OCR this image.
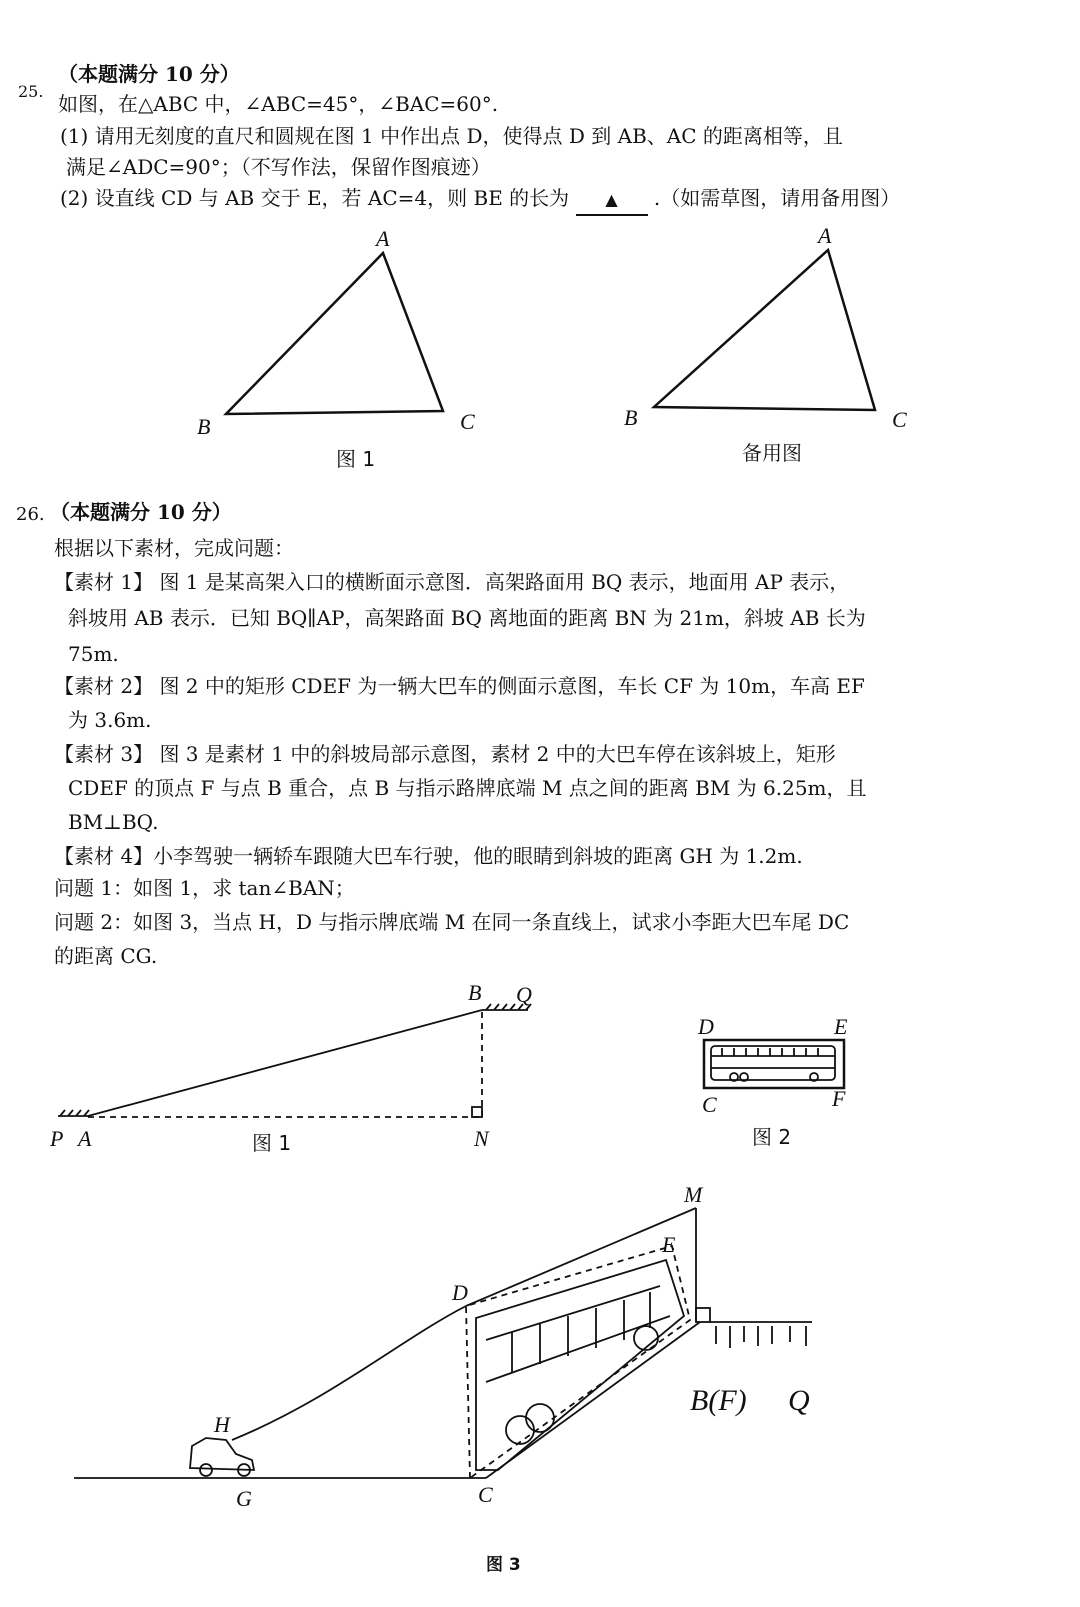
25.
（本题满分 10 分）
如图，在△ABC 中，∠ABC=45°，∠BAC=60°.
(1) 请用无刻度的直尺和圆规在图 1 中作出点 D，使得点 D 到 AB、AC 的距离相等，且
满足∠ADC=90°；（不写作法，保留作图痕迹）
(2) 设直线 CD 与 AB 交于 E，若 AC=4，则 BE 的长为 ▲ .（如需草图，请用备用图）
A
B	C
图 1
A
B	C
备用图
26. （本题满分 10 分）
根据以下素材，完成问题：
【素材 1】 图 1 是某高架入口的横断面示意图．高架路面用 BQ 表示，地面用 AP 表示，
斜坡用 AB 表示．已知 BQ∥AP，高架路面 BQ 离地面的距离 BN 为 21m，斜坡 AB 长为
75m.
【素材 2】 图 2 中的矩形 CDEF 为一辆大巴车的侧面示意图，车长 CF 为 10m，车高 EF
为 3.6m.
【素材 3】 图 3 是素材 1 中的斜坡局部示意图，素材 2 中的大巴车停在该斜坡上，矩形
CDEF 的顶点 F 与点 B 重合，点 B 与指示路牌底端 M 点之间的距离 BM 为 6.25m，且
BM⊥BQ.
【素材 4】小李驾驶一辆轿车跟随大巴车行驶，他的眼睛到斜坡的距离 GH 为 1.2m.
问题 1：如图 1，求 tan∠BAN；
问题 2：如图 3，当点 H，D 与指示牌底端 M 在同一条直线上，试求小李距大巴车尾 DC
的距离 CG.
B Q
P A	N
图 1
D	E
C	F
图 2
M
E
D
B(F) Q
H
G	C
图 3
